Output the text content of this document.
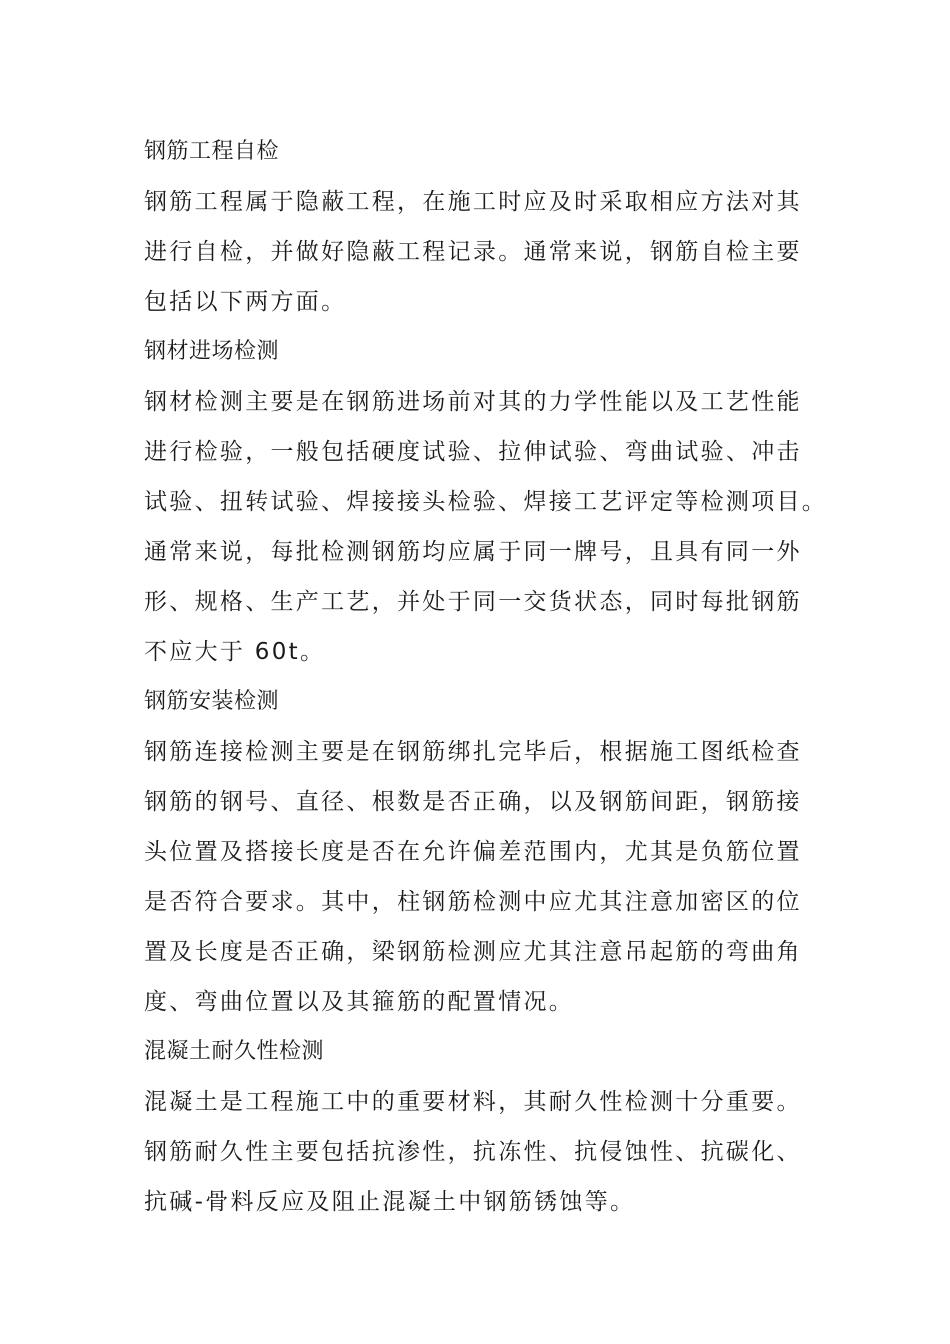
钢筋工程自检
钢筋工程属于隐蔽工程，在施工时应及时采取相应方法对其
进行自检，并做好隐蔽工程记录。通常来说，钢筋自检主要
包括以下两方面。
钢材进场检测
钢材检测主要是在钢筋进场前对其的力学性能以及工艺性能
进行检验，一般包括硬度试验、拉伸试验、弯曲试验、冲击
试验、扭转试验、焊接接头检验、焊接工艺评定等检测项目。
通常来说，每批检测钢筋均应属于同一牌号，且具有同一外
形、规格、生产工艺，并处于同一交货状态，同时每批钢筋
不应大于 60t。
钢筋安装检测
钢筋连接检测主要是在钢筋绑扎完毕后，根据施工图纸检查
钢筋的钢号、直径、根数是否正确，以及钢筋间距，钢筋接
头位置及搭接长度是否在允许偏差范围内，尤其是负筋位置
是否符合要求。其中，柱钢筋检测中应尤其注意加密区的位
置及长度是否正确，梁钢筋检测应尤其注意吊起筋的弯曲角
度、弯曲位置以及其箍筋的配置情况。
混凝土耐久性检测
混凝土是工程施工中的重要材料，其耐久性检测十分重要。
钢筋耐久性主要包括抗渗性，抗冻性、抗侵蚀性、抗碳化、
抗碱-骨料反应及阻止混凝土中钢筋锈蚀等。
